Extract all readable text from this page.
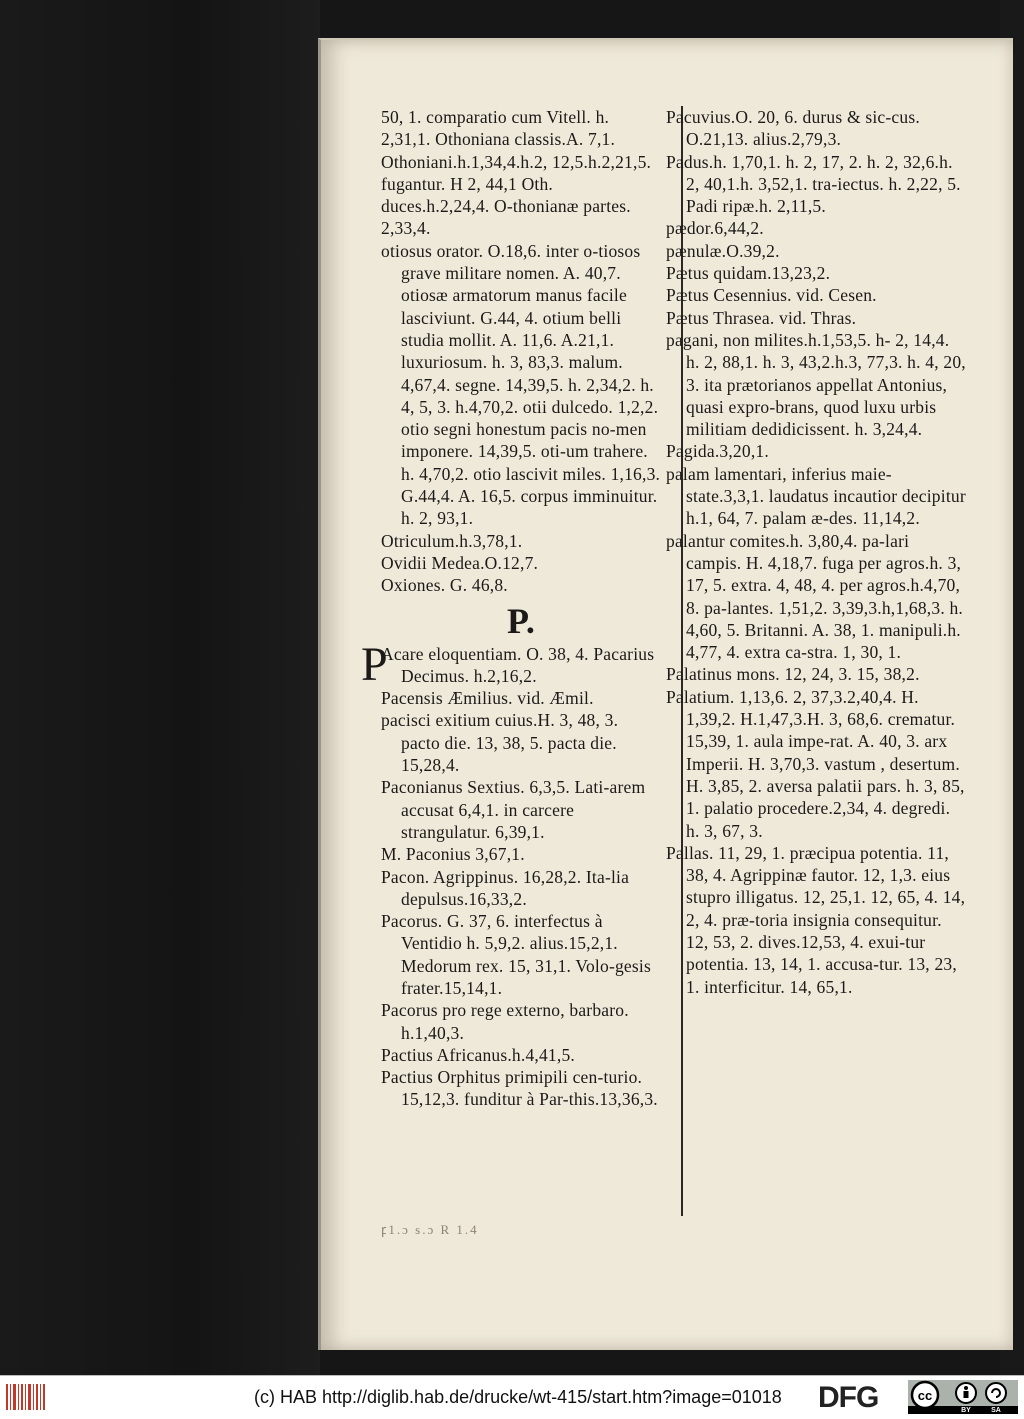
50, 1. comparatio cum Vitell. h. 2,31,1. Othoniana classis.A. 7,1. Othoniani.h.1,34,4.h.2, 12,5.h.2,21,5. fugantur. H 2, 44,1 Oth. duces.h.2,24,4. O-thonianæ partes. 2,33,4.

otiosus orator. O.18,6. inter o-tiosos grave militare nomen. A. 40,7. otiosæ armatorum manus facile lasciviunt. G.44, 4. otium belli studia mollit. A. 11,6. A.21,1. luxuriosum. h. 3, 83,3. malum. 4,67,4. segne. 14,39,5. h. 2,34,2. h. 4, 5, 3. h.4,70,2. otii dulcedo. 1,2,2. otio segni honestum pacis no-men imponere. 14,39,5. oti-um trahere. h. 4,70,2. otio lascivit miles. 1,16,3. G.44,4. A. 16,5. corpus imminuitur. h. 2, 93,1.

Otriculum.h.3,78,1.

Ovidii Medea.O.12,7.

Oxiones. G. 46,8.

P.

P
Acare eloquentiam. O. 38, 4. Pacarius Decimus. h.2,16,2.

Pacensis Æmilius. vid. Æmil.

pacisci exitium cuius.H. 3, 48, 3. pacto die. 13, 38, 5. pacta die. 15,28,4.

Paconianus Sextius. 6,3,5. Lati-arem accusat 6,4,1. in carcere strangulatur. 6,39,1.

M. Paconius 3,67,1.

Pacon. Agrippinus. 16,28,2. Ita-lia depulsus.16,33,2.

Pacorus. G. 37, 6. interfectus à Ventidio h. 5,9,2. alius.15,2,1. Medorum rex. 15, 31,1. Volo-gesis frater.15,14,1.

Pacorus pro rege externo, barbaro. h.1,40,3.

Pactius Africanus.h.4,41,5.

Pactius Orphitus primipili cen-turio. 15,12,3. funditur à Par-this.13,36,3.

Pacuvius.O. 20, 6. durus & sic-cus. O.21,13. alius.2,79,3.

Padus.h. 1,70,1. h. 2, 17, 2. h. 2, 32,6.h. 2, 40,1.h. 3,52,1. tra-iectus. h. 2,22, 5. Padi ripæ.h. 2,11,5.

pædor.6,44,2.

pænulæ.O.39,2.

Pætus quidam.13,23,2.

Pætus Cesennius. vid. Cesen.

Pætus Thrasea. vid. Thras.

pagani, non milites.h.1,53,5. h- 2, 14,4. h. 2, 88,1. h. 3, 43,2.h.3, 77,3. h. 4, 20, 3. ita prætorianos appellat Antonius, quasi expro-brans, quod luxu urbis militiam dedidicissent. h. 3,24,4.

Pagida.3,20,1.

palam lamentari, inferius maie-state.3,3,1. laudatus incautior decipitur h.1, 64, 7. palam æ-des. 11,14,2.

palantur comites.h. 3,80,4. pa-lari campis. H. 4,18,7. fuga per agros.h. 3, 17, 5. extra. 4, 48, 4. per agros.h.4,70, 8. pa-lantes. 1,51,2. 3,39,3.h,1,68,3. h. 4,60, 5. Britanni. A. 38, 1. manipuli.h. 4,77, 4. extra ca-stra. 1, 30, 1.

Palatinus mons. 12, 24, 3. 15, 38,2.

Palatium. 1,13,6. 2, 37,3.2,40,4. H. 1,39,2. H.1,47,3.H. 3, 68,6. crematur. 15,39, 1. aula impe-rat. A. 40, 3. arx Imperii. H. 3,70,3. vastum , desertum. H. 3,85, 2. aversa palatii pars. h. 3, 85, 1. palatio procedere.2,34, 4. degredi. h. 3, 67, 3.

Pallas. 11, 29, 1. præcipua potentia. 11, 38, 4. Agrippinæ fautor. 12, 1,3. eius stupro illigatus. 12, 25,1. 12, 65, 4. 14, 2, 4. præ-toria insignia consequitur. 12, 53, 2. dives.12,53, 4. exui-tur potentia. 13, 14, 1. accusa-tur. 13, 23, 1. interficitur. 14, 65,1.

ꝼ1.ɔ s.ɔ R 1.4
(c) HAB http://diglib.hab.de/drucke/wt-415/start.htm?image=01018 DFG	cc
BY	SA
